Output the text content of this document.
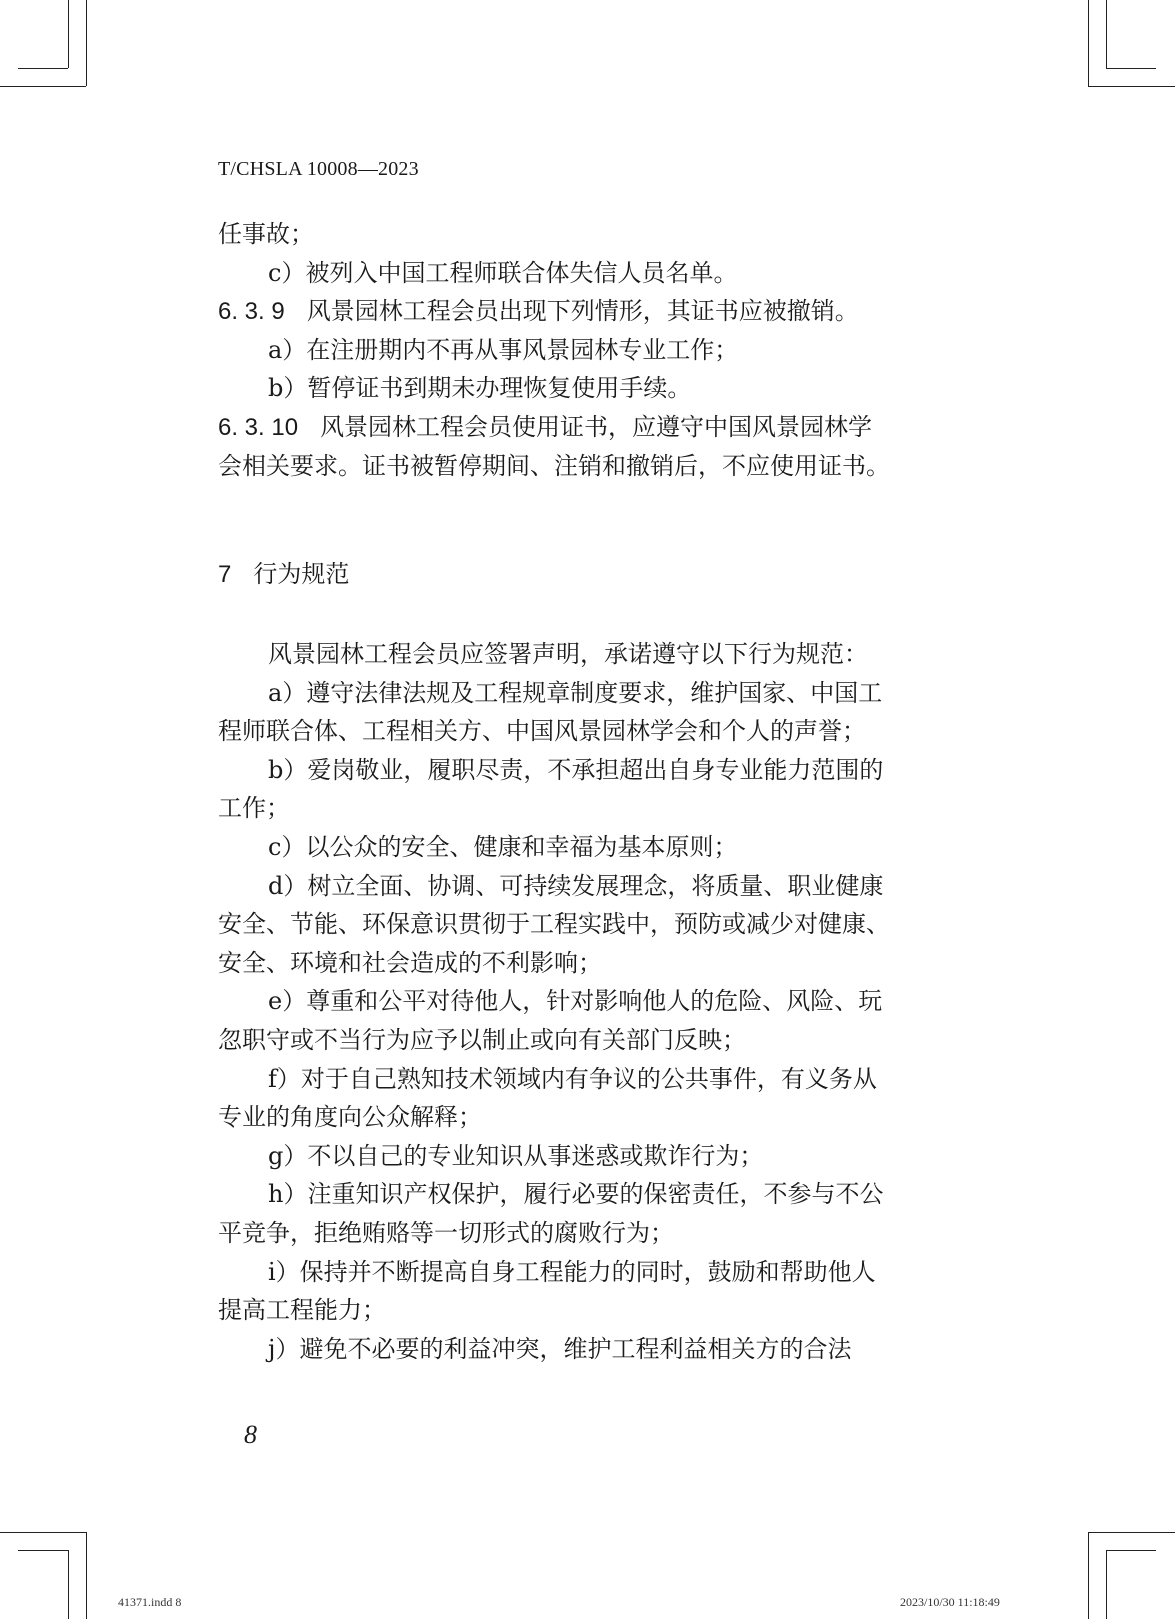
T/CHSLA 10008—2023
任事故；
c）被列入中国工程师联合体失信人员名单。
6. 3. 9 风景园林工程会员出现下列情形，其证书应被撤销。
a）在注册期内不再从事风景园林专业工作；
b）暂停证书到期未办理恢复使用手续。
6. 3. 10 风景园林工程会员使用证书，应遵守中国风景园林学
会相关要求。证书被暂停期间、注销和撤销后，不应使用证书。
7 行为规范
风景园林工程会员应签署声明，承诺遵守以下行为规范：
a）遵守法律法规及工程规章制度要求，维护国家、中国工
程师联合体、工程相关方、中国风景园林学会和个人的声誉；
b）爱岗敬业，履职尽责，不承担超出自身专业能力范围的
工作；
c）以公众的安全、健康和幸福为基本原则；
d）树立全面、协调、可持续发展理念，将质量、职业健康
安全、节能、环保意识贯彻于工程实践中，预防或减少对健康、
安全、环境和社会造成的不利影响；
e）尊重和公平对待他人，针对影响他人的危险、风险、玩
忽职守或不当行为应予以制止或向有关部门反映；
f）对于自己熟知技术领域内有争议的公共事件，有义务从
专业的角度向公众解释；
g）不以自己的专业知识从事迷惑或欺诈行为；
h）注重知识产权保护，履行必要的保密责任，不参与不公
平竞争，拒绝贿赂等一切形式的腐败行为；
i）保持并不断提高自身工程能力的同时，鼓励和帮助他人
提高工程能力；
j）避免不必要的利益冲突，维护工程利益相关方的合法
8
41371.indd 8	2023/10/30 11:18:49
